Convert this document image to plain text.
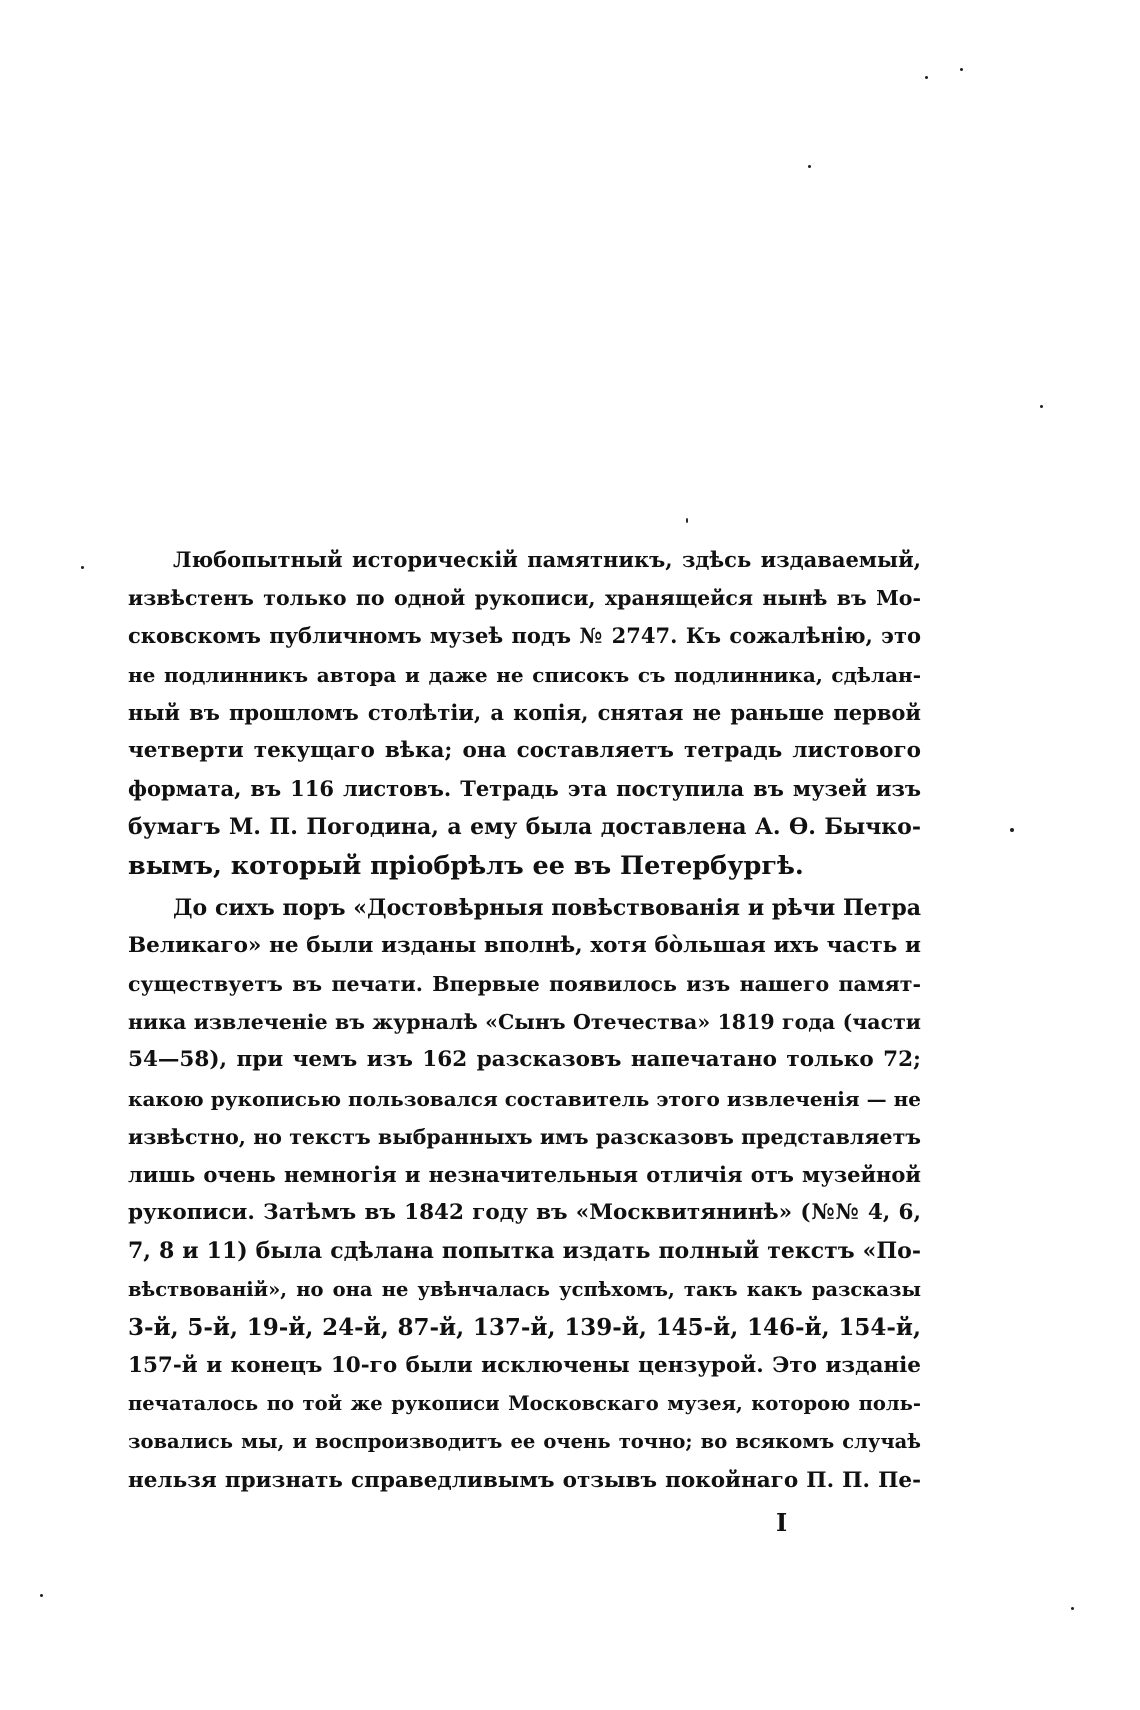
Любопытный историческій памятникъ, здѣсь издаваемый,
извѣстенъ только по одной рукописи, хранящейся нынѣ въ Мо-
сковскомъ публичномъ музеѣ подъ № 2747. Къ сожалѣнію, это
не подлинникъ автора и даже не списокъ съ подлинника, сдѣлан-
ный въ прошломъ столѣтіи, а копія, снятая не раньше первой
четверти текущаго вѣка; она составляетъ тетрадь листового
формата, въ 116 листовъ. Тетрадь эта поступила въ музей изъ
бумагъ М. П. Погодина, а ему была доставлена А. Ѳ. Бычко-
вымъ, который пріобрѣлъ ее въ Петербургѣ.
До сихъ поръ «Достовѣрныя повѣствованія и рѣчи Петра
Великаго» не были изданы вполнѣ, хотя бо̀льшая ихъ часть и
существуетъ въ печати. Впервые появилось изъ нашего памят-
ника извлеченіе въ журналѣ «Сынъ Отечества» 1819 года (части
54—58), при чемъ изъ 162 разсказовъ напечатано только 72;
какою рукописью пользовался составитель этого извлеченія — не
извѣстно, но текстъ выбранныхъ имъ разсказовъ представляетъ
лишь очень немногія и незначительныя отличія отъ музейной
рукописи. Затѣмъ въ 1842 году въ «Москвитянинѣ» (№№ 4, 6,
7, 8 и 11) была сдѣлана попытка издать полный текстъ «По-
вѣствованій», но она не увѣнчалась успѣхомъ, такъ какъ разсказы
3-й, 5-й, 19-й, 24-й, 87-й, 137-й, 139-й, 145-й, 146-й, 154-й,
157-й и конецъ 10-го были исключены цензурой. Это изданіе
печаталось по той же рукописи Московскаго музея, которою поль-
зовались мы, и воспроизводитъ ее очень точно; во всякомъ случаѣ
нельзя признать справедливымъ отзывъ покойнаго П. П. Пе-
I
